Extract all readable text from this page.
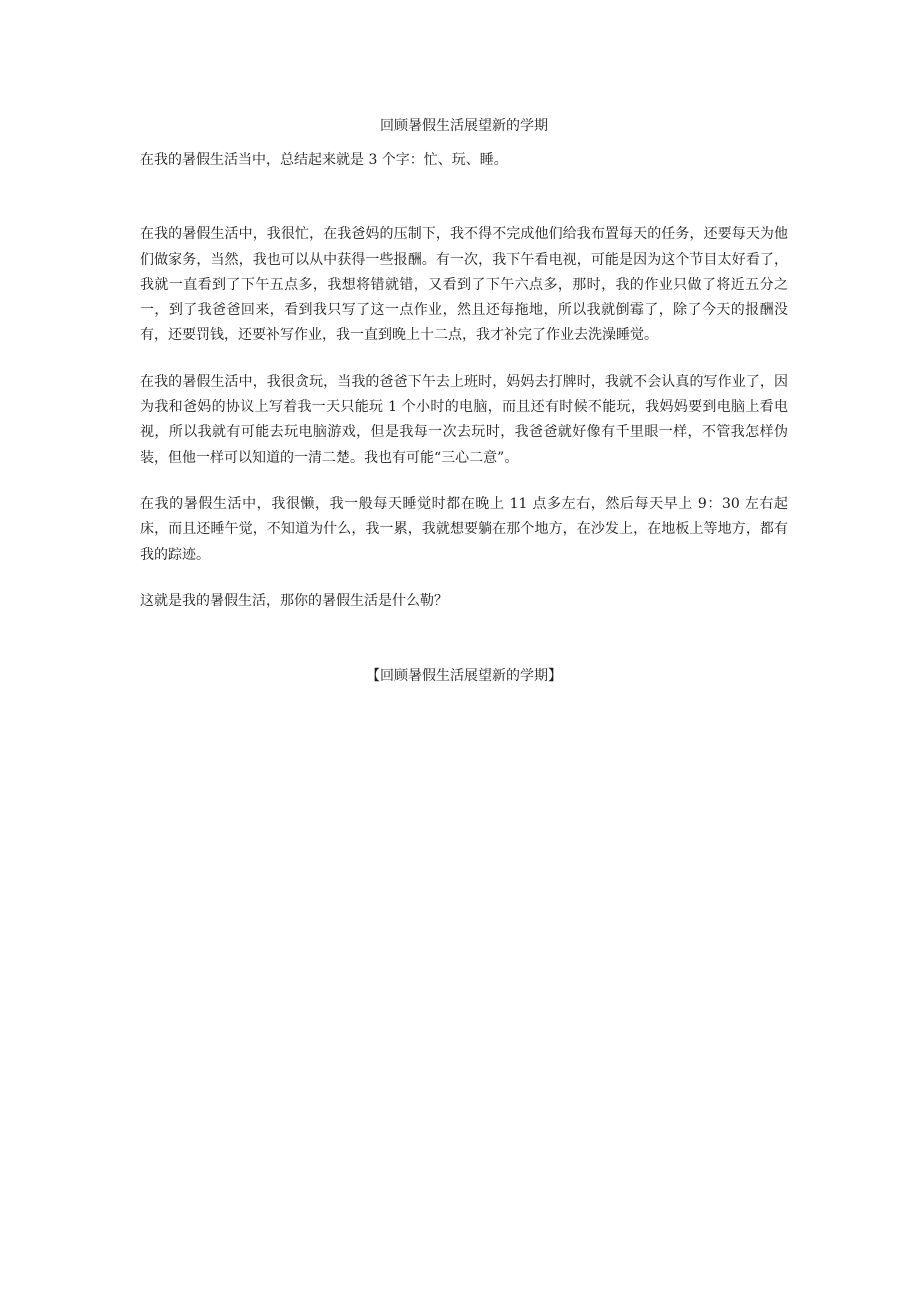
回顾暑假生活展望新的学期

在我的暑假生活当中，总结起来就是 3 个字：忙、玩、睡。

在我的暑假生活中，我很忙，在我爸妈的压制下，我不得不完成他们给我布置每天的任务，还要每天为他们做家务，当然，我也可以从中获得一些报酬。有一次，我下午看电视，可能是因为这个节目太好看了，我就一直看到了下午五点多，我想将错就错，又看到了下午六点多，那时，我的作业只做了将近五分之一，到了我爸爸回来，看到我只写了这一点作业，然且还每拖地，所以我就倒霉了，除了今天的报酬没有，还要罚钱，还要补写作业，我一直到晚上十二点，我才补完了作业去洗澡睡觉。

在我的暑假生活中，我很贪玩，当我的爸爸下午去上班时，妈妈去打牌时，我就不会认真的写作业了，因为我和爸妈的协议上写着我一天只能玩 1 个小时的电脑，而且还有时候不能玩，我妈妈要到电脑上看电视，所以我就有可能去玩电脑游戏，但是我每一次去玩时，我爸爸就好像有千里眼一样，不管我怎样伪装，但他一样可以知道的一清二楚。我也有可能“三心二意”。

在我的暑假生活中，我很懒，我一般每天睡觉时都在晚上 11 点多左右，然后每天早上 9：30 左右起床，而且还睡午觉，不知道为什么，我一累，我就想要躺在那个地方，在沙发上，在地板上等地方，都有我的踪迹。

这就是我的暑假生活，那你的暑假生活是什么勒？

【回顾暑假生活展望新的学期】
